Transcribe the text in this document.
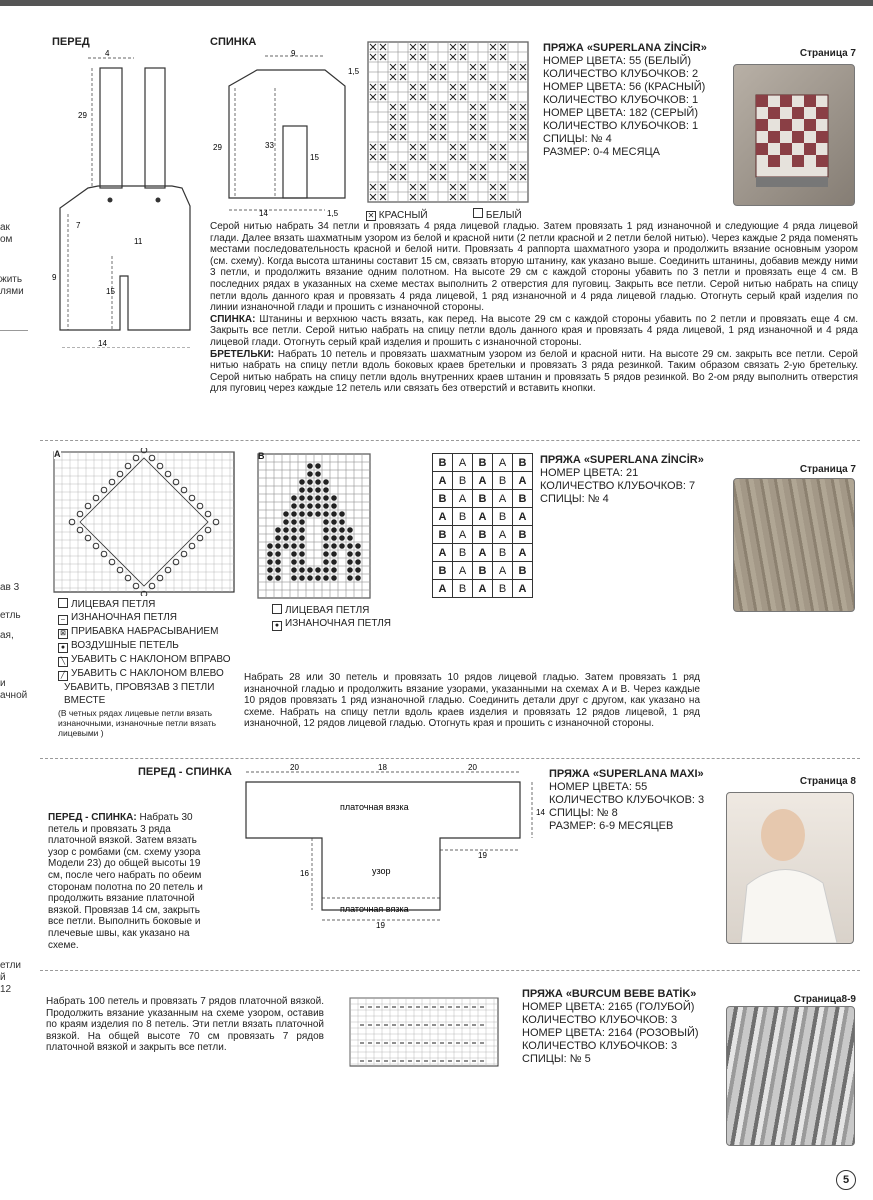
ак
ом
жить
лями
ав 3
етль
ая,
и
ачной
етли
й
12
ПЕРЕД	СПИНКА
4
29
7
11
15
9
14
9
1,5
29	33
15
14	1,5	✕ КРАСНЫЙ	БЕЛЫЙ
ПРЯЖА «SUPERLANA ZİNCİR»
НОМЕР ЦВЕТА: 55 (БЕЛЫЙ)
КОЛИЧЕСТВО КЛУБОЧКОВ: 2
НОМЕР ЦВЕТА: 56 (КРАСНЫЙ)
КОЛИЧЕСТВО КЛУБОЧКОВ: 1
НОМЕР ЦВЕТА: 182 (СЕРЫЙ)
КОЛИЧЕСТВО КЛУБОЧКОВ: 1
СПИЦЫ: № 4
РАЗМЕР: 0-4 МЕСЯЦА
Страница 7
Серой нитью набрать 34 петли и провязать 4 ряда лицевой гладью. Затем провязать 1 ряд изнаночной и следующие 4 ряда лицевой глади. Далее вязать шахматным узором из белой и красной нити (2 петли красной и 2 петли белой нитью). Через каждые 2 ряда поменять местами последовательность красной и белой нити. Провязать 4 раппорта шахматного узора и продолжить вязание основным узором (см. схему). Когда высота штанины составит 15 см, связать вторую штанину, как указано выше. Соединить штанины, добавив между ними 3 петли, и продолжить вязание одним полотном. На высоте 29 см с каждой стороны убавить по 3 петли и провязать еще 4 см. В последних рядах в указанных на схеме местах выполнить 2 отверстия для пуговиц. Закрыть все петли. Серой нитью набрать на спицу петли вдоль данного края и провязать 4 ряда лицевой, 1 ряд изнаночной и 4 ряда лицевой гладью. Отогнуть серый край изделия по линии изнаночной глади и прошить с изнаночной стороны.
СПИНКА: Штанины и верхнюю часть вязать, как перед. На высоте 29 см с каждой стороны убавить по 2 петли и провязать еще 4 см. Закрыть все петли. Серой нитью набрать на спицу петли вдоль данного края и провязать 4 ряда лицевой, 1 ряд изнаночной и 4 ряда лицевой глади. Отогнуть серый край изделия и прошить с изнаночной стороны.
БРЕТЕЛЬКИ: Набрать 10 петель и провязать шахматным узором из белой и красной нити. На высоте 29 см. закрыть все петли. Серой нитью набрать на спицу петли вдоль боковых краев бретельки и провязать 3 ряда резинкой. Таким образом связать 2-ую бретельку. Серой нитью набрать на спицу петли вдоль внутренних краев штанин и провязать 5 рядов резинкой. Во 2-ом ряду выполнить отверстия для пуговиц через каждые 12 петель или связать без отверстий и вставить кнопки.
A	B
B	A	B	A	B
A	B	A	B	A
B	A	B	A	B
A	B	A	B	A
B	A	B	A	B
A	B	A	B	A
B	A	B	A	B
A	B	A	B	A
ЛИЦЕВАЯ ПЕТЛЯ
– ИЗНАНОЧНАЯ ПЕТЛЯ
⊠ ПРИБАВКА НАБРАСЫВАНИЕМ
● ВОЗДУШНЫЕ ПЕТЕЛЬ
╲ УБАВИТЬ С НАКЛОНОМ ВПРАВО
╱ УБАВИТЬ С НАКЛОНОМ ВЛЕВО
УБАВИТЬ, ПРОВЯЗАВ 3 ПЕТЛИ ВМЕСТЕ
(В четных рядах лицевые петли вязать изнаночными, изнаночные петли вязать лицевыми )
ЛИЦЕВАЯ ПЕТЛЯ
● ИЗНАНОЧНАЯ ПЕТЛЯ
ПРЯЖА «SUPERLANA ZİNCİR»
НОМЕР ЦВЕТА: 21
КОЛИЧЕСТВО КЛУБОЧКОВ: 7
СПИЦЫ: № 4
Страница 7
Набрать 28 или 30 петель и провязать 10 рядов лицевой гладью. Затем провязать 1 ряд изнаночной гладью и продолжить вязание узорами, указанными на схемах A и B. Через каждые 10 рядов провязать 1 ряд изнаночной гладью. Соединить детали друг с другом, как указано на схеме. Набрать на спицу петли вдоль краев изделия и провязать 12 рядов лицевой, 1 ряд изнаночной, 12 рядов лицевой гладью. Отогнуть края и прошить с изнаночной стороны.
ПЕРЕД - СПИНКА	20	18	20
14
19
16
19
платочная вязка
узор
платочная вязка
ПЕРЕД - СПИНКА: Набрать 30 петель и провязать 3 ряда платочной вязкой. Затем вязать узор с ромбами (см. схему узора Модели 23) до общей высоты 19 см, после чего набрать по обеим сторонам полотна по 20 петель и продолжить вязание платочной вязкой. Провязав 14 см, закрыть все петли. Выполнить боковые и плечевые швы, как указано на схеме.
ПРЯЖА «SUPERLANA MAXI»
НОМЕР ЦВЕТА: 55
КОЛИЧЕСТВО КЛУБОЧКОВ: 3
СПИЦЫ: № 8
РАЗМЕР: 6-9 МЕСЯЦЕВ
Страница 8
Набрать 100 петель и провязать 7 рядов платочной вязкой. Продолжить вязание указанным на схеме узором, оставив по краям изделия по 8 петель. Эти петли вязать платочной вязкой. На общей высоте 70 см провязать 7 рядов платочной вязкой и закрыть все петли.
ПРЯЖА «BURCUM BEBE BATİK»
НОМЕР ЦВЕТА: 2165 (ГОЛУБОЙ)
КОЛИЧЕСТВО КЛУБОЧКОВ: 3
НОМЕР ЦВЕТА: 2164 (РОЗОВЫЙ)
КОЛИЧЕСТВО КЛУБОЧКОВ: 3
СПИЦЫ: № 5
Страница8-9
5
